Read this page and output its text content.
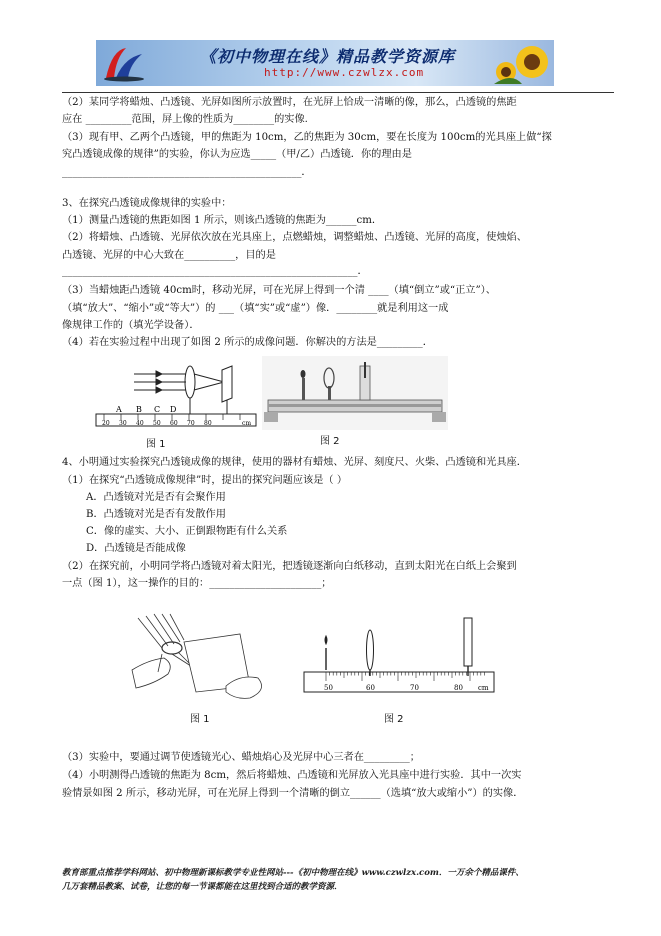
《初中物理在线》精品教学资源库
http://www.czwlzx.com
（2）某同学将蜡烛、凸透镜、光屏如图所示放置时，在光屏上恰成一清晰的像，那么，凸透镜的焦距
应在 _________范围，屏上像的性质为________的实像.
（3）现有甲、乙两个凸透镜，甲的焦距为 10cm，乙的焦距为 30cm，要在长度为 100cm的光具座上做“探
究凸透镜成像的规律”的实验，你认为应选_____（甲/乙）凸透镜．你的理由是
_______________________________________________．
3、在探究凸透镜成像规律的实验中：
（1）测量凸透镜的焦距如图 1 所示，则该凸透镜的焦距为______cm．
（2）将蜡烛、凸透镜、光屏依次放在光具座上，点燃蜡烛，调整蜡烛、凸透镜、光屏的高度，使烛焰、
凸透镜、光屏的中心大致在__________，目的是
__________________________________________________________．
（3）当蜡烛距凸透镜 40cm时，移动光屏，可在光屏上得到一个清 ____（填“倒立”或“正立”）、
（填“放大”、“缩小”或“等大”）的 ___（填“实”或“虚”）像．________就是利用这一成
像规律工作的（填光学设备）．
（4）若在实验过程中出现了如图 2 所示的成像问题．你解决的方法是_________．
A B C D
20 30 40 50 60 70 80	cm
图 1	图 2
4、小明通过实验探究凸透镜成像的规律，使用的器材有蜡烛、光屏、刻度尺、火柴、凸透镜和光具座．
（1）在探究“凸透镜成像规律”时，提出的探究问题应该是（ ）
A．凸透镜对光是否有会聚作用
B．凸透镜对光是否有发散作用
C．像的虚实、大小、正倒跟物距有什么关系
D．凸透镜是否能成像
（2）在探究前，小明同学将凸透镜对着太阳光，把透镜逐渐向白纸移动，直到太阳光在白纸上会聚到
一点（图 1），这一操作的目的：______________________；
图 1
50	60	70	80 cm
图 2
（3）实验中，要通过调节使透镜光心、蜡烛焰心及光屏中心三者在_________；
（4）小明测得凸透镜的焦距为 8cm，然后将蜡烛、凸透镜和光屏放入光具座中进行实验．其中一次实
验情景如图 2 所示，移动光屏，可在光屏上得到一个清晰的倒立______（选填“放大或缩小”）的实像．
教育部重点推荐学科网站、初中物理新课标教学专业性网站---《初中物理在线》www.czwlzx.com．一万余个精品课件、
几万套精品教案、试卷，让您的每一节课都能在这里找到合适的教学资源．
